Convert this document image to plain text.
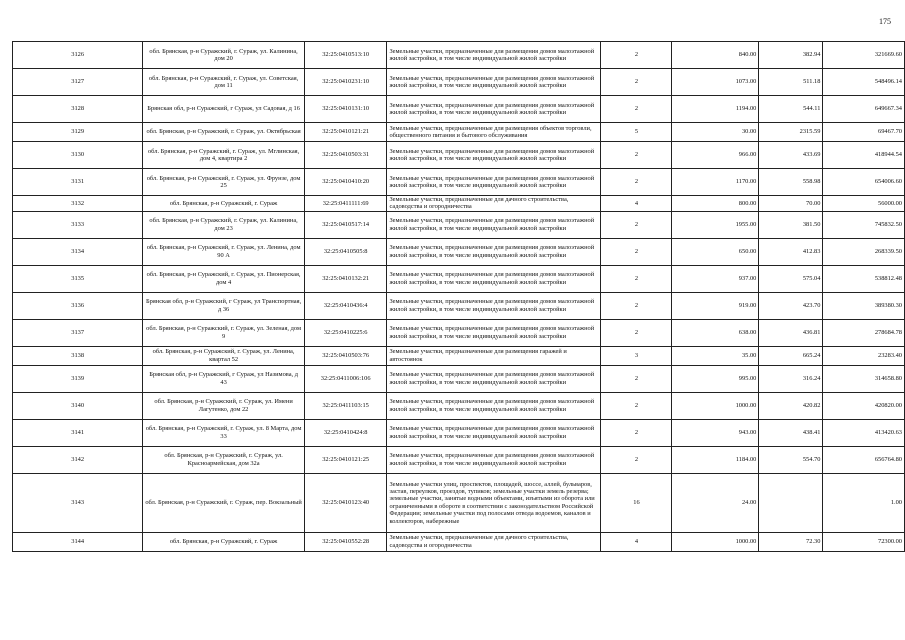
175
3126	обл. Брянская, р-н Суражский, г. Сураж, ул. Калинина, дом 20	32:25:0410513:10	Земельные участки, предназначенные для размещения домов малоэтажной жилой застройки, в том числе индивидуальной жилой застройки	2	840.00	382.94	321669.60
3127	обл. Брянская, р-н Суражский, г. Сураж, ул. Советская, дом 11	32:25:0410231:10	Земельные участки, предназначенные для размещения домов малоэтажной жилой застройки, в том числе индивидуальной жилой застройки	2	1073.00	511.18	548496.14
3128	Брянская обл, р-н Суражский, г Сураж, ул Садовая, д 16	32:25:0410131:10	Земельные участки, предназначенные для размещения домов малоэтажной жилой застройки, в том числе индивидуальной жилой застройки	2	1194.00	544.11	649667.34
3129	обл. Брянская, р-н Суражский, г. Сураж, ул. Октябрьская	32:25:0410121:21	Земельные участки, предназначенные для размещения объектов торговли, общественного питания и бытового обслуживания	5	30.00	2315.59	69467.70
3130	обл. Брянская, р-н Суражский, г. Сураж, ул. Мглинская, дом 4, квартира 2	32:25:0410503:31	Земельные участки, предназначенные для размещения домов малоэтажной жилой застройки, в том числе индивидуальной жилой застройки	2	966.00	433.69	418944.54
3131	обл. Брянская, р-н Суражский, г. Сураж, ул. Фрунзе, дом 25	32:25:0410410:20	Земельные участки, предназначенные для размещения домов малоэтажной жилой застройки, в том числе индивидуальной жилой застройки	2	1170.00	558.98	654006.60
3132	обл. Брянская, р-н Суражский, г. Сураж	32:25:0411111:69	Земельные участки, предназначенные для дачного строительства, садоводства и огородничества	4	800.00	70.00	56000.00
3133	обл. Брянская, р-н Суражский, г. Сураж, ул. Калинина, дом 23	32:25:0410517:14	Земельные участки, предназначенные для размещения домов малоэтажной жилой застройки, в том числе индивидуальной жилой застройки	2	1955.00	381.50	745832.50
3134	обл. Брянская, р-н Суражский, г. Сураж, ул. Ленина, дом 90 А	32:25:0410505:8	Земельные участки, предназначенные для размещения домов малоэтажной жилой застройки, в том числе индивидуальной жилой застройки	2	650.00	412.83	268339.50
3135	обл. Брянская, р-н Суражский, г. Сураж, ул. Пионерская, дом 4	32:25:0410132:21	Земельные участки, предназначенные для размещения домов малоэтажной жилой застройки, в том числе индивидуальной жилой застройки	2	937.00	575.04	538812.48
3136	Брянская обл, р-н Суражский, г Сураж, ул Транспортная, д 36	32:25:0410436:4	Земельные участки, предназначенные для размещения домов малоэтажной жилой застройки, в том числе индивидуальной жилой застройки	2	919.00	423.70	389380.30
3137	обл. Брянская, р-н Суражский, г. Сураж, ул. Зеленая, дом 9	32:25:0410225:6	Земельные участки, предназначенные для размещения домов малоэтажной жилой застройки, в том числе индивидуальной жилой застройки	2	638.00	436.81	278684.78
3138	обл. Брянская, р-н Суражский, г. Сураж, ул. Ленина, квартал 52	32:25:0410503:76	Земельные участки, предназначенные для размещения гаражей и автостоянок	3	35.00	665.24	23283.40
3139	Брянская обл, р-н Суражский, г Сураж, ул Назимова, д 43	32:25:0411006:106	Земельные участки, предназначенные для размещения домов малоэтажной жилой застройки, в том числе индивидуальной жилой застройки	2	995.00	316.24	314658.80
3140	обл. Брянская, р-н Суражский, г. Сураж, ул. Имени Лагутенко, дом 22	32:25:0411103:15	Земельные участки, предназначенные для размещения домов малоэтажной жилой застройки, в том числе индивидуальной жилой застройки	2	1000.00	420.82	420820.00
3141	обл. Брянская, р-н Суражский, г. Сураж, ул. 8 Марта, дом 33	32:25:0410424:8	Земельные участки, предназначенные для размещения домов малоэтажной жилой застройки, в том числе индивидуальной жилой застройки	2	943.00	438.41	413420.63
3142	обл. Брянская, р-н Суражский, г. Сураж, ул. Красноармейская, дом 32а	32:25:0410121:25	Земельные участки, предназначенные для размещения домов малоэтажной жилой застройки, в том числе индивидуальной жилой застройки	2	1184.00	554.70	656764.80
3143	обл. Брянская, р-н Суражский, г. Сураж, пер. Вокзальный	32:25:0410123:40	Земельные участки улиц, проспектов, площадей, шоссе, аллей, бульваров, застав, переулков, проездов, тупиков; земельные участки земель резерва; земельные участки, занятые водными объектами, изъятыми из оборота или ограниченными в обороте в соответствии с законодательством Российской Федерации; земельные участки под полосами отвода водоемов, каналов и коллекторов, набережные	16	24.00		1.00
3144	обл. Брянская, р-н Суражский, г. Сураж	32:25:0410552:28	Земельные участки, предназначенные для дачного строительства, садоводства и огородничества	4	1000.00	72.30	72300.00
